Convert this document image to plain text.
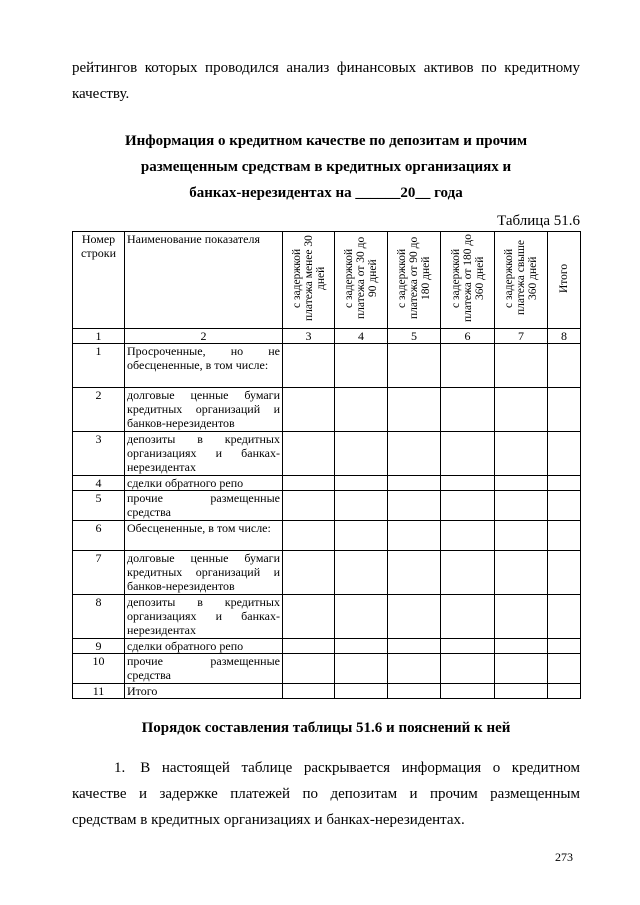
рейтингов которых проводился анализ финансовых активов по кредитному
качеству.
Информация о кредитном качестве по депозитам и прочим
размещенным средствам в кредитных организациях и
банках-нерезидентах на ______20__ года
Таблица 51.6
Номер строки	Наименование показателя	с задержкой платежа менее 30 дней	с задержкой платежа от 30 до 90 дней	с задержкой платежа от 90 до 180 дней	с задержкой платежа от 180 до 360 дней	с задержкой платежа свыше 360 дней	Итого

1	2	3	4	5	6	7	8
1	Просроченные, но не обесцененные, в том числе:						
2	долговые ценные бумаги кредитных организаций и банков-нерезидентов						
3	депозиты в кредитных организациях и банках-нерезидентах						
4	сделки обратного репо						
5	прочие размещенные средства						
6	Обесцененные, в том числе:						
7	долговые ценные бумаги кредитных организаций и банков-нерезидентов						
8	депозиты в кредитных организациях и банках-нерезидентах						
9	сделки обратного репо						
10	прочие размещенные средства						
11	Итого						
Порядок составления таблицы 51.6 и пояснений к ней
1. В настоящей таблице раскрывается информация о кредитном
качестве и задержке платежей по депозитам и прочим размещенным
средствам в кредитных организациях и банках-нерезидентах.
273
